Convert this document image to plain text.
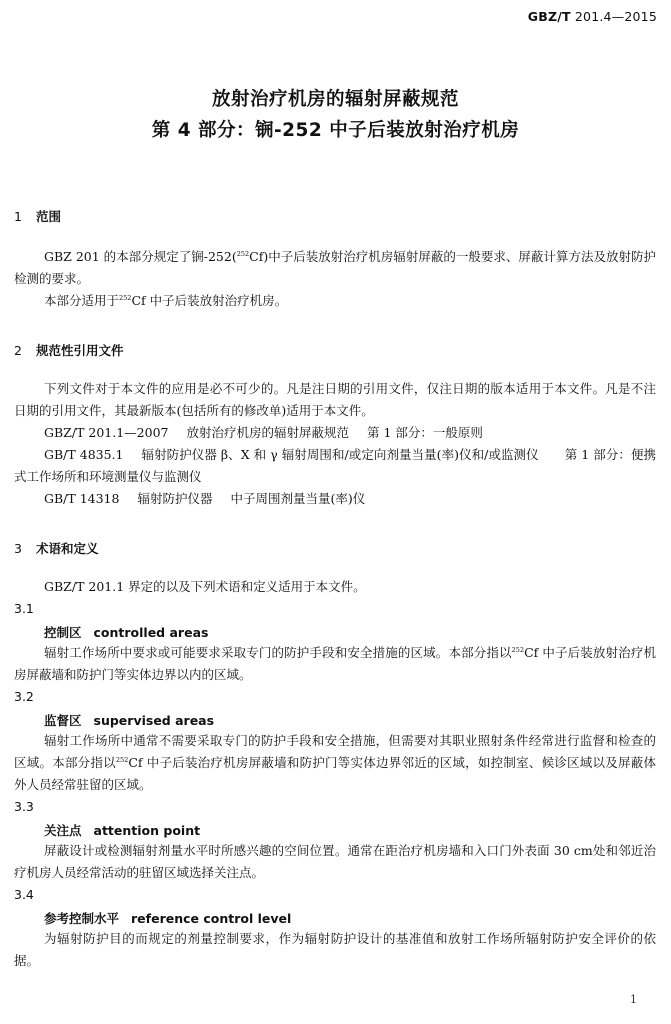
GBZ/T 201.4—2015
放射治疗机房的辐射屏蔽规范
第 4 部分：锎-252 中子后装放射治疗机房
1 范围
GBZ 201 的本部分规定了锎-252($^{252}$Cf)中子后装放射治疗机房辐射屏蔽的一般要求、屏蔽计算方法及放射防护检测的要求。
本部分适用于$^{252}$Cf 中子后装放射治疗机房。
2 规范性引用文件
下列文件对于本文件的应用是必不可少的。凡是注日期的引用文件，仅注日期的版本适用于本文件。凡是不注日期的引用文件，其最新版本(包括所有的修改单)适用于本文件。
GBZ/T 201.1—2007 放射治疗机房的辐射屏蔽规范 第 1 部分：一般原则
GB/T 4835.1 辐射防护仪器 β、X 和 γ 辐射周围和/或定向剂量当量(率)仪和/或监测仪 第 1 部分：便携式工作场所和环境测量仪与监测仪
GB/T 14318 辐射防护仪器 中子周围剂量当量(率)仪
3 术语和定义
GBZ/T 201.1 界定的以及下列术语和定义适用于本文件。
3.1
控制区 controlled areas
辐射工作场所中要求或可能要求采取专门的防护手段和安全措施的区域。本部分指以$^{252}$Cf 中子后装放射治疗机房屏蔽墙和防护门等实体边界以内的区域。
3.2
监督区 supervised areas
辐射工作场所中通常不需要采取专门的防护手段和安全措施，但需要对其职业照射条件经常进行监督和检查的区域。本部分指以$^{252}$Cf 中子后装治疗机房屏蔽墙和防护门等实体边界邻近的区域，如控制室、候诊区域以及屏蔽体外人员经常驻留的区域。
3.3
关注点 attention point
屏蔽设计或检测辐射剂量水平时所感兴趣的空间位置。通常在距治疗机房墙和入口门外表面 30 cm处和邻近治疗机房人员经常活动的驻留区域选择关注点。
3.4
参考控制水平 reference control level
为辐射防护目的而规定的剂量控制要求，作为辐射防护设计的基准值和放射工作场所辐射防护安全评价的依据。
1
